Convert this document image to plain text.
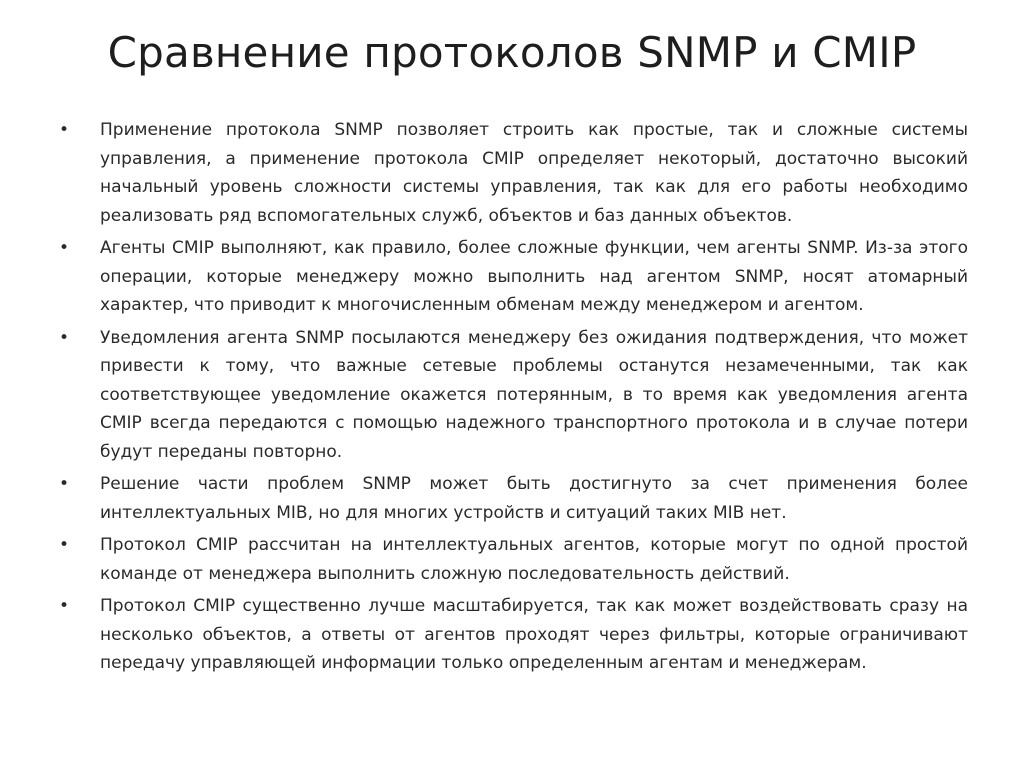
Сравнение протоколов SNMP и CMIP
•	Применение протокола SNMP позволяет строить как простые, так и сложные системы управления, а применение протокола CMIP определяет некоторый, достаточно высокий начальный уровень сложности системы управления, так как для его работы необходимо реализовать ряд вспомогательных служб, объектов и баз данных объектов.
•	Агенты CMIP выполняют, как правило, более сложные функции, чем агенты SNMP. Из-за этого операции, которые менеджеру можно выполнить над агентом SNMP, носят атомарный характер, что приводит к многочисленным обменам между менеджером и агентом.
•	Уведомления агента SNMP посылаются менеджеру без ожидания подтверждения, что может привести к тому, что важные сетевые проблемы останутся незамеченными, так как соответствующее уведомление окажется потерянным, в то время как уведомления агента CMIP всегда передаются с помощью надежного транспортного протокола и в случае потери будут переданы повторно.
•	Решение части проблем SNMP может быть достигнуто за счет применения более интеллектуальных MIB, но для многих устройств и ситуаций таких MIB нет.
•	Протокол CMIP рассчитан на интеллектуальных агентов, которые могут по одной простой команде от менеджера выполнить сложную последовательность действий.
•	Протокол CMIP существенно лучше масштабируется, так как может воздействовать сразу на несколько объектов, а ответы от агентов проходят через фильтры, которые ограничивают передачу управляющей информации только определенным агентам и менеджерам.
